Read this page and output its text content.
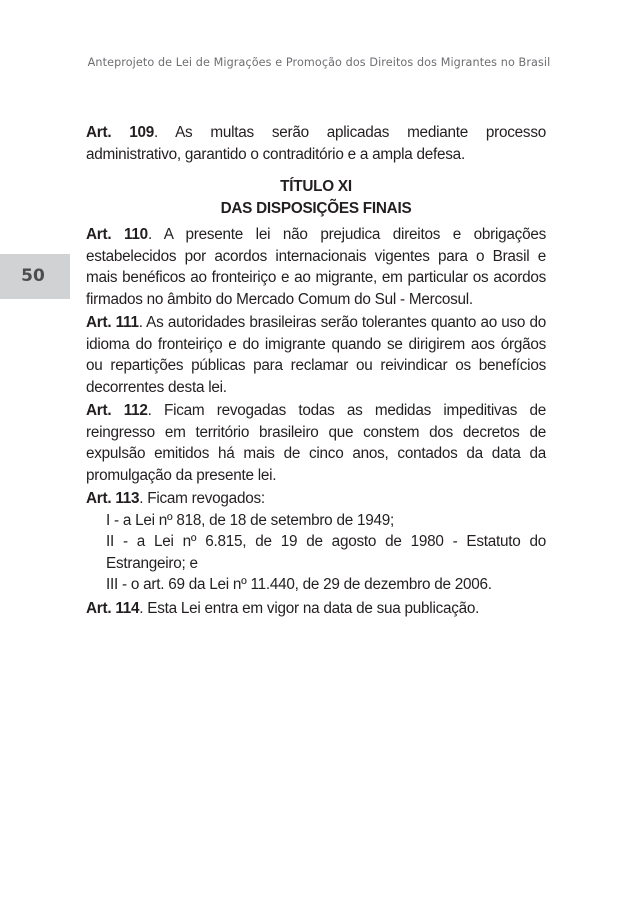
Anteprojeto de Lei de Migrações e Promoção dos Direitos dos Migrantes no Brasil
50

Art. 109. As multas serão aplicadas mediante processo administrativo, garantido o contraditório e a ampla defesa.

TÍTULO XI
DAS DISPOSIÇÕES FINAIS

Art. 110. A presente lei não prejudica direitos e obrigações estabelecidos por acordos internacionais vigentes para o Brasil e mais benéficos ao fronteiriço e ao migrante, em particular os acordos firmados no âmbito do Mercado Comum do Sul - Mercosul.

Art. 111. As autoridades brasileiras serão tolerantes quanto ao uso do idioma do fronteiriço e do imigrante quando se dirigirem aos órgãos ou repartições públicas para reclamar ou reivindicar os benefícios decorrentes desta lei.

Art. 112. Ficam revogadas todas as medidas impeditivas de reingresso em território brasileiro que constem dos decretos de expulsão emitidos há mais de cinco anos, contados da data da promulgação da presente lei.

Art. 113. Ficam revogados:
I - a Lei nº 818, de 18 de setembro de 1949;
II - a Lei nº 6.815, de 19 de agosto de 1980 - Estatuto do Estrangeiro; e
III - o art. 69 da Lei nº 11.440, de 29 de dezembro de 2006.

Art. 114. Esta Lei entra em vigor na data de sua publicação.
